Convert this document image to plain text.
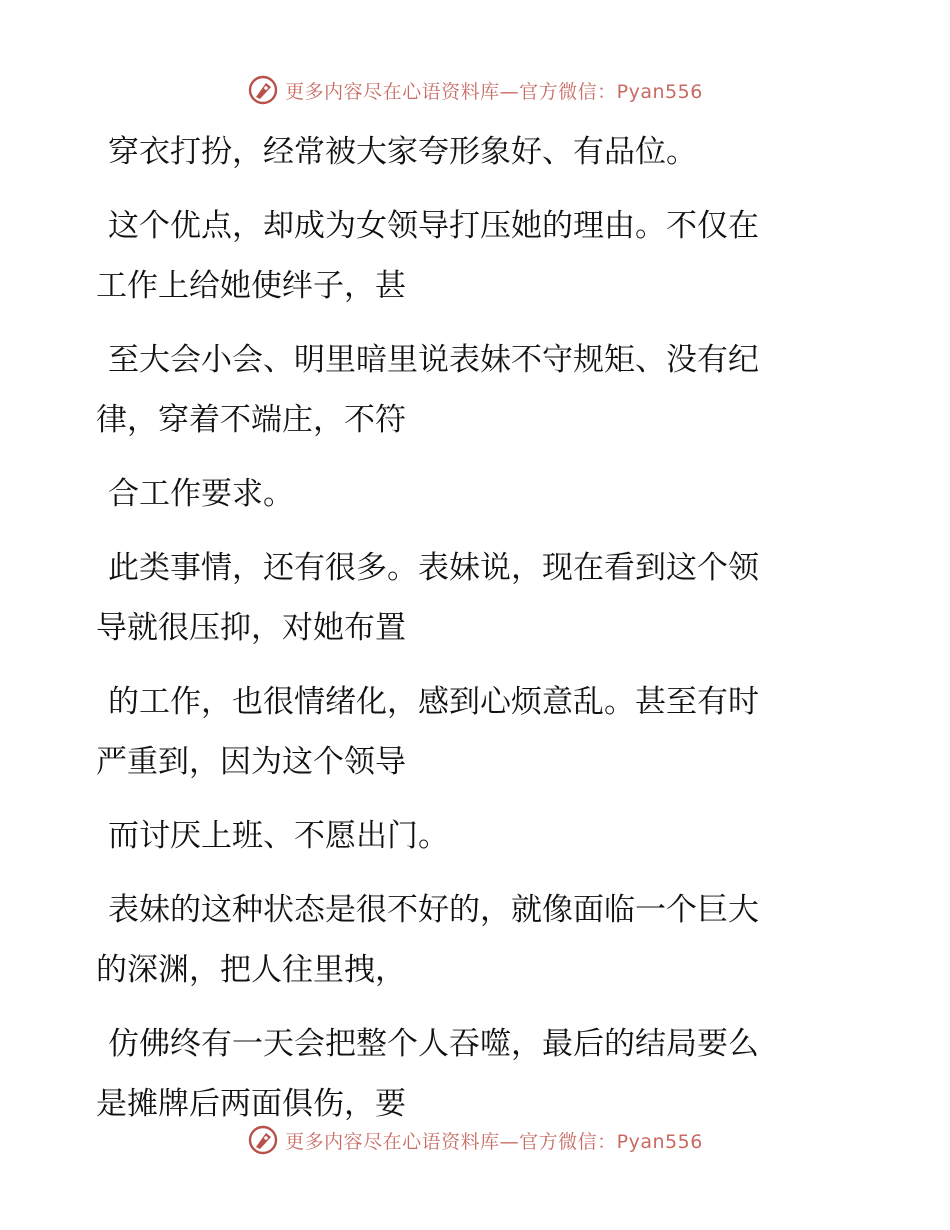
更多内容尽在心语资料库—官方微信：Pyan556
穿衣打扮，经常被大家夸形象好、有品位。
这个优点，却成为女领导打压她的理由。不仅在
工作上给她使绊子，甚
至大会小会、明里暗里说表妹不守规矩、没有纪
律，穿着不端庄，不符
合工作要求。
此类事情，还有很多。表妹说，现在看到这个领
导就很压抑，对她布置
的工作，也很情绪化，感到心烦意乱。甚至有时
严重到，因为这个领导
而讨厌上班、不愿出门。
表妹的这种状态是很不好的，就像面临一个巨大
的深渊，把人往里拽，
仿佛终有一天会把整个人吞噬，最后的结局要么
是摊牌后两面俱伤，要
更多内容尽在心语资料库—官方微信：Pyan556
